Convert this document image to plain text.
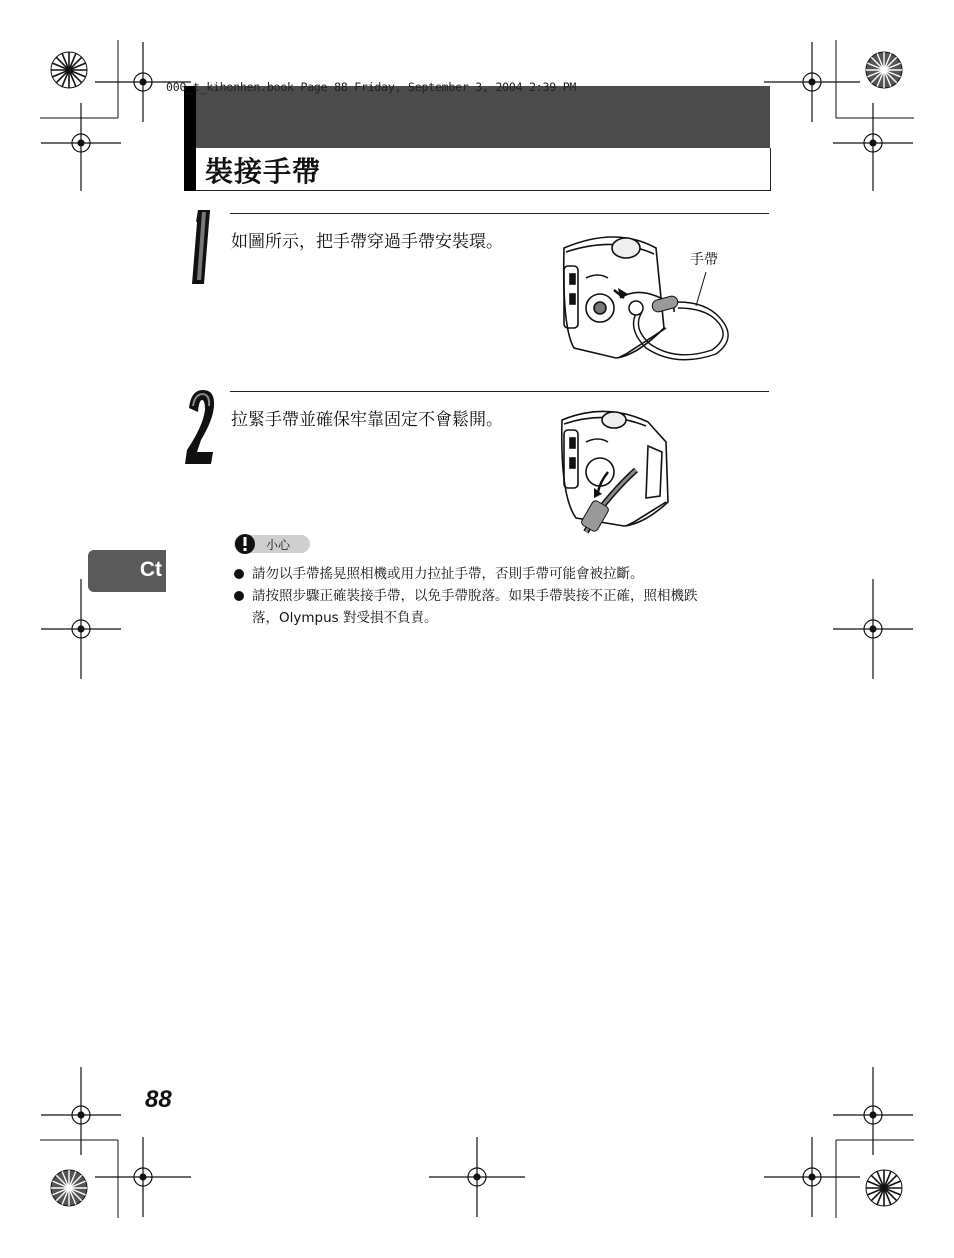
000_t_kihonhen.book Page 88 Friday, September 3, 2004 2:39 PM
裝接手帶
如圖所示，把手帶穿過手帶安裝環。
手帶
拉緊手帶並確保牢靠固定不會鬆開。
小心
請勿以手帶搖晃照相機或用力拉扯手帶，否則手帶可能會被拉斷。
請按照步驟正確裝接手帶，以免手帶脫落。如果手帶裝接不正確，照相機跌
落，Olympus 對受損不負責。
Ct
88
